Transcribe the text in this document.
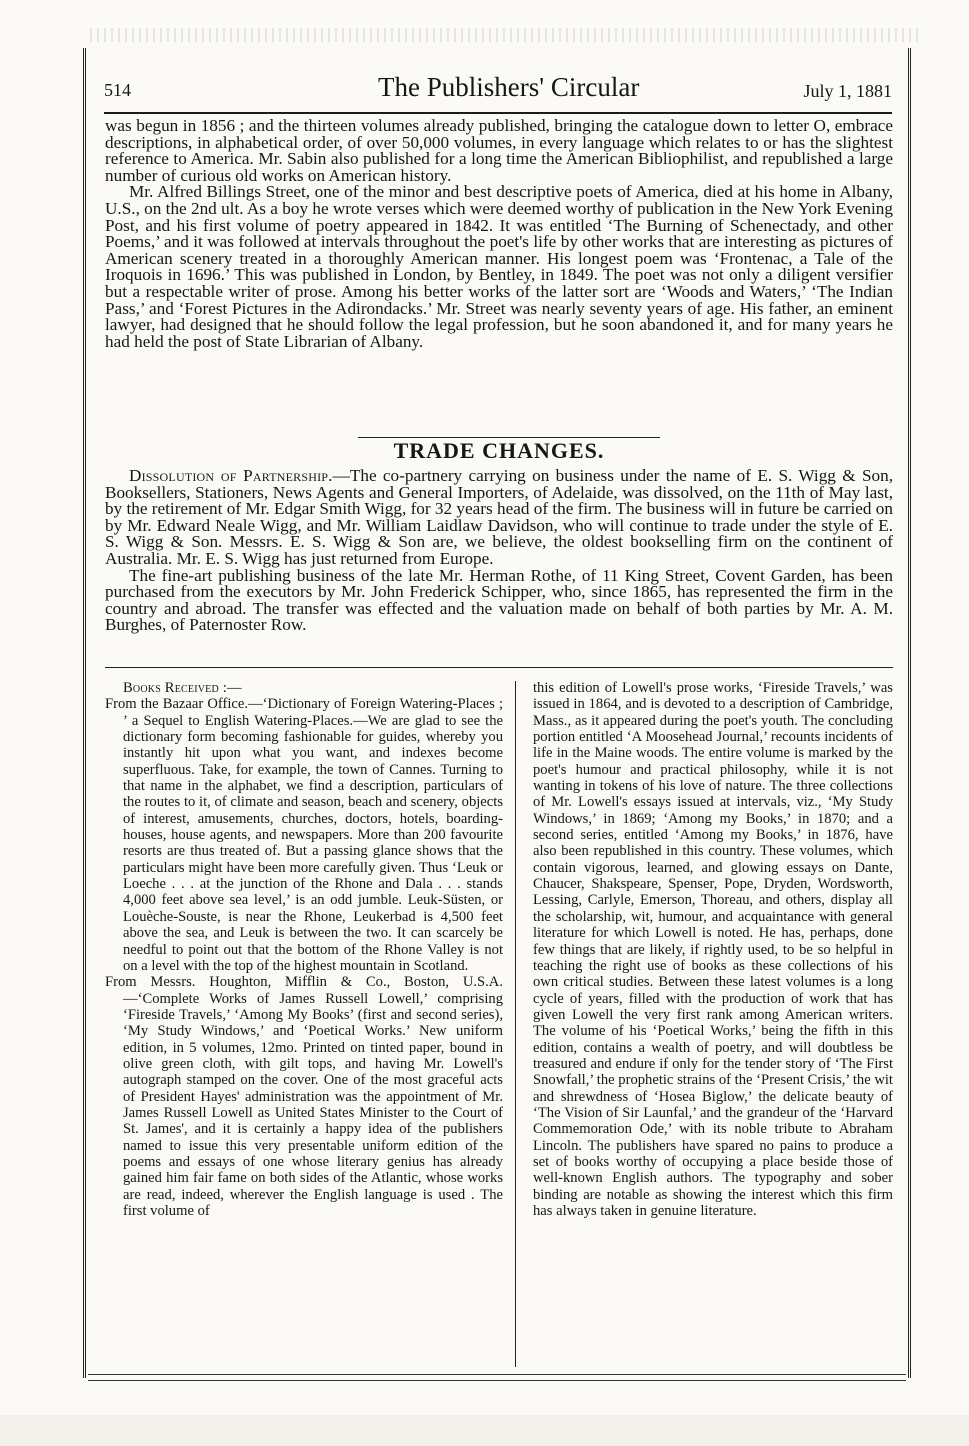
514	The Publishers' Circular	July 1, 1881

was begun in 1856 ; and the thirteen volumes already published, bringing the catalogue down to letter O, embrace descriptions, in alphabetical order, of over 50,000 volumes, in every language which relates to or has the slightest reference to America. Mr. Sabin also published for a long time the American Bibliophilist, and republished a large number of curious old works on American history.

Mr. Alfred Billings Street, one of the minor and best descriptive poets of America, died at his home in Albany, U.S., on the 2nd ult. As a boy he wrote verses which were deemed worthy of publication in the New York Evening Post, and his first volume of poetry appeared in 1842. It was entitled ‘The Burning of Schenectady, and other Poems,’ and it was followed at intervals throughout the poet's life by other works that are interesting as pictures of American scenery treated in a thoroughly American manner. His longest poem was ‘Frontenac, a Tale of the Iroquois in 1696.’ This was published in London, by Bentley, in 1849. The poet was not only a diligent versifier but a respectable writer of prose. Among his better works of the latter sort are ‘Woods and Waters,’ ‘The Indian Pass,’ and ‘Forest Pictures in the Adirondacks.’ Mr. Street was nearly seventy years of age. His father, an eminent lawyer, had designed that he should follow the legal profession, but he soon abandoned it, and for many years he had held the post of State Librarian of Albany.

TRADE CHANGES.

Dissolution of Partnership.—The co-partnery carrying on business under the name of E. S. Wigg & Son, Booksellers, Stationers, News Agents and General Importers, of Adelaide, was dissolved, on the 11th of May last, by the retirement of Mr. Edgar Smith Wigg, for 32 years head of the firm. The business will in future be carried on by Mr. Edward Neale Wigg, and Mr. William Laidlaw Davidson, who will continue to trade under the style of E. S. Wigg & Son. Messrs. E. S. Wigg & Son are, we believe, the oldest bookselling firm on the continent of Australia. Mr. E. S. Wigg has just returned from Europe.

The fine-art publishing business of the late Mr. Herman Rothe, of 11 King Street, Covent Garden, has been purchased from the executors by Mr. John Frederick Schipper, who, since 1865, has represented the firm in the country and abroad. The transfer was effected and the valuation made on behalf of both parties by Mr. A. M. Burghes, of Paternoster Row.

Books Received :—

From the Bazaar Office.—‘Dictionary of Foreign Watering-Places ; ’ a Sequel to English Watering-Places.—We are glad to see the dictionary form becoming fashionable for guides, whereby you instantly hit upon what you want, and indexes become superfluous. Take, for example, the town of Cannes. Turning to that name in the alphabet, we find a description, particulars of the routes to it, of climate and season, beach and scenery, objects of interest, amusements, churches, doctors, hotels, boarding-houses, house agents, and newspapers. More than 200 favourite resorts are thus treated of. But a passing glance shows that the particulars might have been more carefully given. Thus ‘Leuk or Loeche . . . at the junction of the Rhone and Dala . . . stands 4,000 feet above sea level,’ is an odd jumble. Leuk-Süsten, or Louèche-Souste, is near the Rhone, Leukerbad is 4,500 feet above the sea, and Leuk is between the two. It can scarcely be needful to point out that the bottom of the Rhone Valley is not on a level with the top of the highest mountain in Scotland.

From Messrs. Houghton, Mifflin & Co., Boston, U.S.A.—‘Complete Works of James Russell Lowell,’ comprising ‘Fireside Travels,’ ‘Among My Books’ (first and second series), ‘My Study Windows,’ and ‘Poetical Works.’ New uniform edition, in 5 volumes, 12mo. Printed on tinted paper, bound in olive green cloth, with gilt tops, and having Mr. Lowell's autograph stamped on the cover. One of the most graceful acts of President Hayes' administration was the appointment of Mr. James Russell Lowell as United States Minister to the Court of St. James', and it is certainly a happy idea of the publishers named to issue this very presentable uniform edition of the poems and essays of one whose literary genius has already gained him fair fame on both sides of the Atlantic, whose works are read, indeed, wherever the English language is used . The first volume of

this edition of Lowell's prose works, ‘Fireside Travels,’ was issued in 1864, and is devoted to a description of Cambridge, Mass., as it appeared during the poet's youth. The concluding portion entitled ‘A Moosehead Journal,’ recounts incidents of life in the Maine woods. The entire volume is marked by the poet's humour and practical philosophy, while it is not wanting in tokens of his love of nature. The three collections of Mr. Lowell's essays issued at intervals, viz., ‘My Study Windows,’ in 1869; ‘Among my Books,’ in 1870; and a second series, entitled ‘Among my Books,’ in 1876, have also been republished in this country. These volumes, which contain vigorous, learned, and glowing essays on Dante, Chaucer, Shakspeare, Spenser, Pope, Dryden, Wordsworth, Lessing, Carlyle, Emerson, Thoreau, and others, display all the scholarship, wit, humour, and acquaintance with general literature for which Lowell is noted. He has, perhaps, done few things that are likely, if rightly used, to be so helpful in teaching the right use of books as these collections of his own critical studies. Between these latest volumes is a long cycle of years, filled with the production of work that has given Lowell the very first rank among American writers. The volume of his ‘Poetical Works,’ being the fifth in this edition, contains a wealth of poetry, and will doubtless be treasured and endure if only for the tender story of ‘The First Snowfall,’ the prophetic strains of the ‘Present Crisis,’ the wit and shrewdness of ‘Hosea Biglow,’ the delicate beauty of ‘The Vision of Sir Launfal,’ and the grandeur of the ‘Harvard Commemoration Ode,’ with its noble tribute to Abraham Lincoln. The publishers have spared no pains to produce a set of books worthy of occupying a place beside those of well-known English authors. The typography and sober binding are notable as showing the interest which this firm has always taken in genuine literature.
